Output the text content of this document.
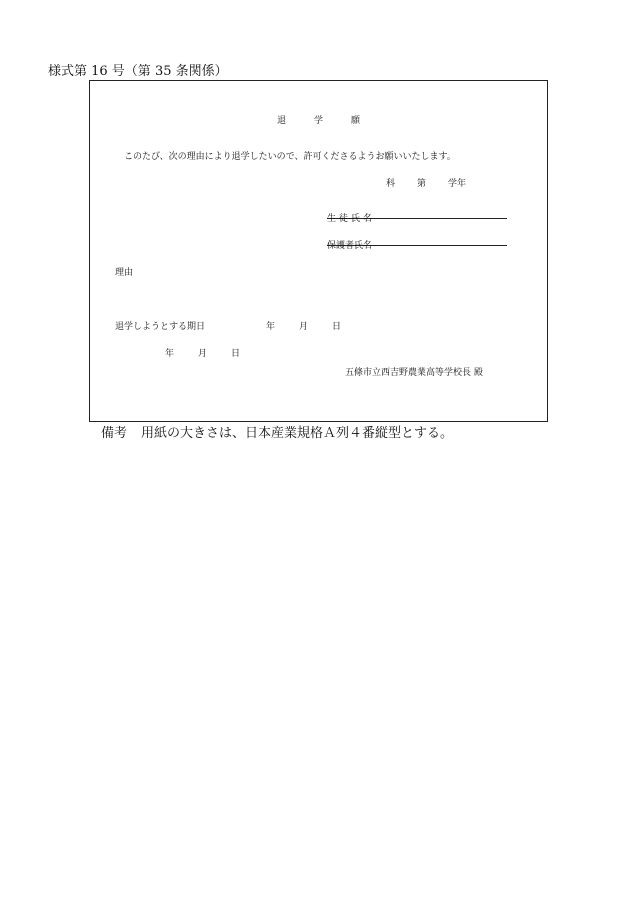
様式第 16 号（第 35 条関係）
退学願
このたび、次の理由により退学したいので、許可くださるようお願いいたします。
科 第 学年
生徒氏名
保護者氏名
理由
退学しようとする期日	年	月	日
年	月	日
五條市立西吉野農業高等学校長 殿
備考 用紙の大きさは、日本産業規格Ａ列４番縦型とする。
